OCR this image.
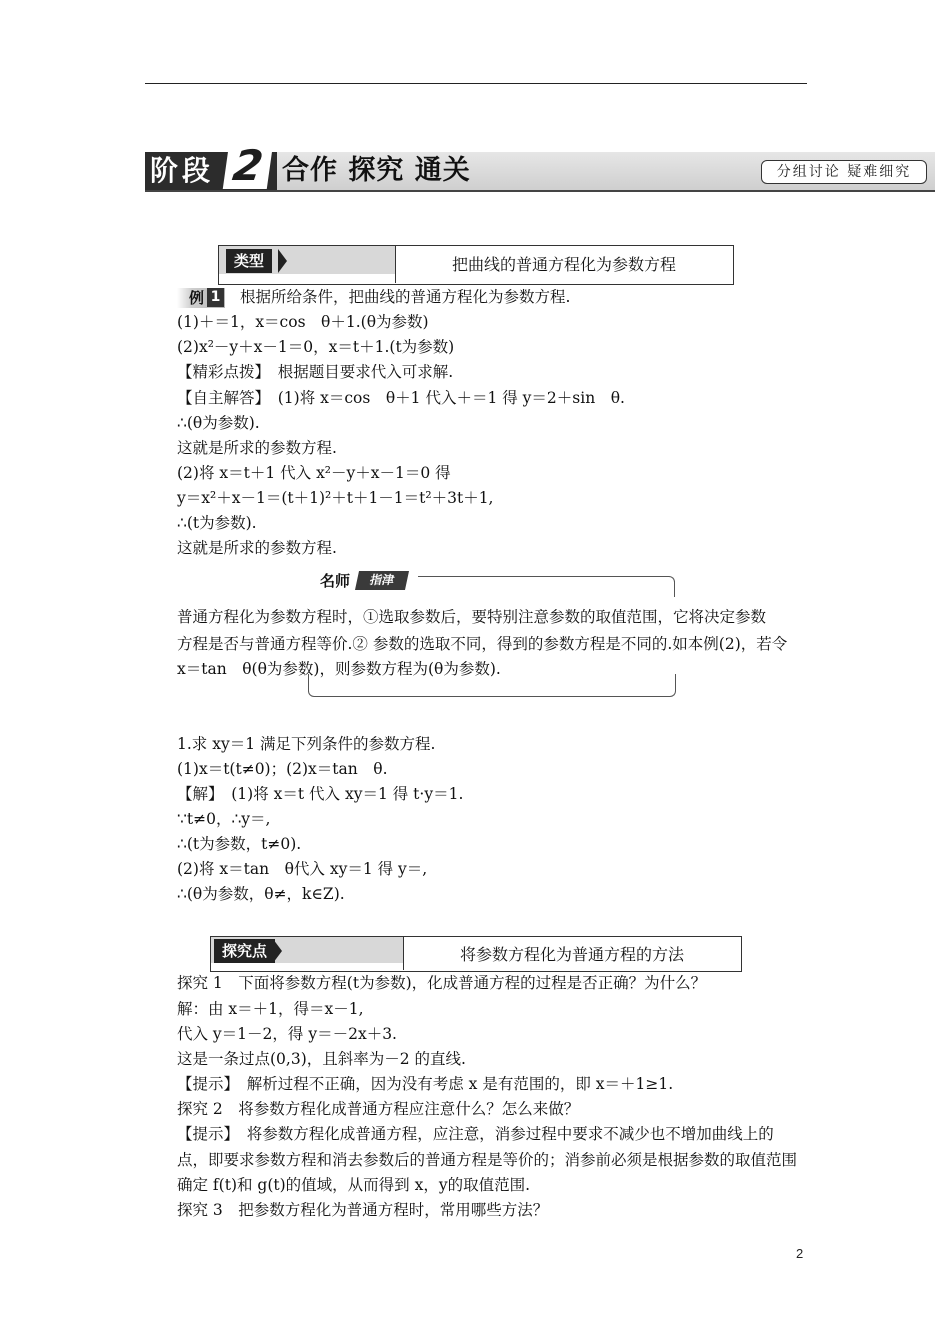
阶段 2 合作 探究 通关	分组讨论 疑难细究
类型	把曲线的普通方程化为参数方程
例 1 根据所给条件，把曲线的普通方程化为参数方程.
(1)＋＝1，x＝cos　θ＋1.(θ为参数)
(2)x²－y＋x－1＝0，x＝t＋1.(t为参数)
【精彩点拨】　根据题目要求代入可求解.
【自主解答】　(1)将 x＝cos　θ＋1 代入＋＝1 得 y＝2＋sin　θ.
∴(θ为参数).
这就是所求的参数方程.
(2)将 x＝t＋1 代入 x²－y＋x－1＝0 得
y＝x²＋x－1＝(t＋1)²＋t＋1－1＝t²＋3t＋1,
∴(t为参数).
这就是所求的参数方程.
名师	指津
普通方程化为参数方程时，①选取参数后，要特别注意参数的取值范围，它将决定参数
方程是否与普通方程等价.② 参数的选取不同，得到的参数方程是不同的.如本例(2)，若令
x＝tan　θ(θ为参数)，则参数方程为(θ为参数).
1.求 xy＝1 满足下列条件的参数方程.
(1)x＝t(t≠0)；(2)x＝tan　θ.
【解】　(1)将 x＝t 代入 xy＝1 得 t·y＝1.
∵t≠0，∴y＝,
∴(t为参数，t≠0).
(2)将 x＝tan　θ代入 xy＝1 得 y＝,
∴(θ为参数，θ≠，k∈Z).
探究点	将参数方程化为普通方程的方法
探究 1　下面将参数方程(t为参数)，化成普通方程的过程是否正确？为什么？
解：由 x＝＋1，得＝x－1,
代入 y＝1－2，得 y＝－2x＋3.
这是一条过点(0,3)，且斜率为－2 的直线.
【提示】　解析过程不正确，因为没有考虑 x 是有范围的，即 x＝＋1≥1.
探究 2　将参数方程化成普通方程应注意什么？怎么来做？
【提示】　将参数方程化成普通方程，应注意，消参过程中要求不减少也不增加曲线上的
点，即要求参数方程和消去参数后的普通方程是等价的；消参前必须是根据参数的取值范围
确定 f(t)和 g(t)的值域，从而得到 x，y的取值范围.
探究 3　把参数方程化为普通方程时，常用哪些方法？
2
